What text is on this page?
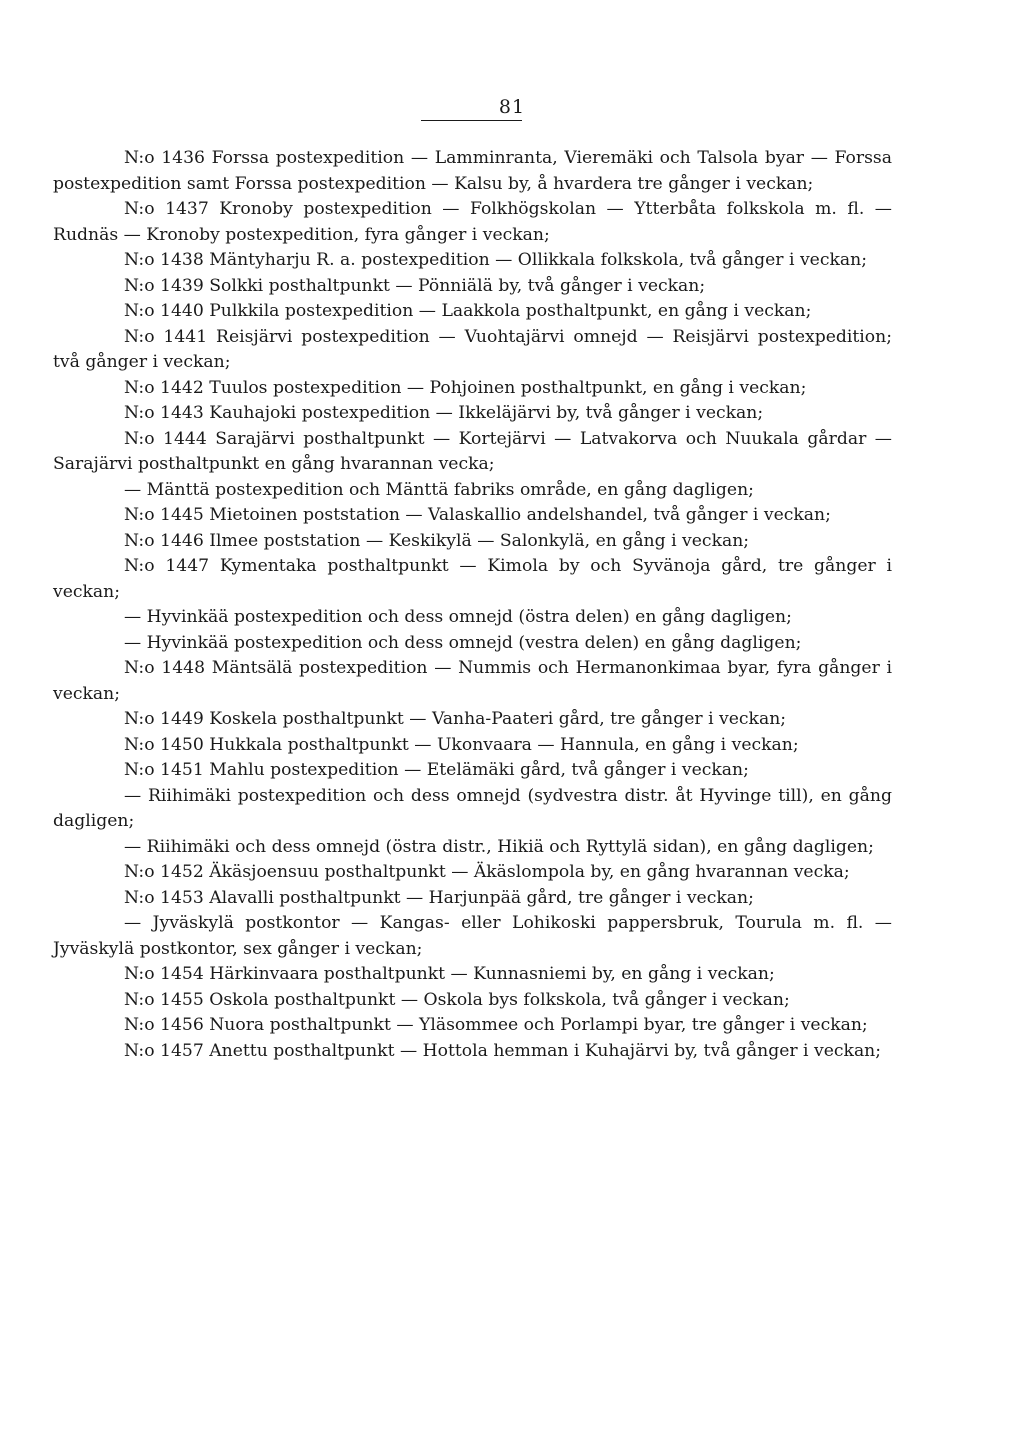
81

N:o 1436 Forssa postexpedition — Lamminranta, Vieremäki och Talsola byar — Forssa postexpedition samt Forssa postexpedition — Kalsu by, å hvardera tre gånger i veckan;

N:o 1437 Kronoby postexpedition — Folkhögskolan — Ytterbåta folkskola m. fl. — Rudnäs — Kronoby postexpedition, fyra gånger i veckan;

N:o 1438 Mäntyharju R. a. postexpedition — Ollikkala folkskola, två gånger i veckan;

N:o 1439 Solkki posthaltpunkt — Pönniälä by, två gånger i veckan;

N:o 1440 Pulkkila postexpedition — Laakkola posthaltpunkt, en gång i veckan;

N:o 1441 Reisjärvi postexpedition — Vuohtajärvi omnejd — Reisjärvi postexpedition; två gånger i veckan;

N:o 1442 Tuulos postexpedition — Pohjoinen posthaltpunkt, en gång i veckan;

N:o 1443 Kauhajoki postexpedition — Ikkeläjärvi by, två gånger i veckan;

N:o 1444 Sarajärvi posthaltpunkt — Kortejärvi — Latvakorva och Nuukala gårdar — Sarajärvi posthaltpunkt en gång hvarannan vecka;

— Mänttä postexpedition och Mänttä fabriks område, en gång dagligen;

N:o 1445 Mietoinen poststation — Valaskallio andelshandel, två gånger i veckan;

N:o 1446 Ilmee poststation — Keskikylä — Salonkylä, en gång i veckan;

N:o 1447 Kymentaka posthaltpunkt — Kimola by och Syvänoja gård, tre gånger i veckan;

— Hyvinkää postexpedition och dess omnejd (östra delen) en gång dagligen;

— Hyvinkää postexpedition och dess omnejd (vestra delen) en gång dagligen;

N:o 1448 Mäntsälä postexpedition — Nummis och Hermanonkimaa byar, fyra gånger i veckan;

N:o 1449 Koskela posthaltpunkt — Vanha-Paateri gård, tre gånger i veckan;

N:o 1450 Hukkala posthaltpunkt — Ukonvaara — Hannula, en gång i veckan;

N:o 1451 Mahlu postexpedition — Etelämäki gård, två gånger i veckan;

— Riihimäki postexpedition och dess omnejd (sydvestra distr. åt Hyvinge till), en gång dagligen;

— Riihimäki och dess omnejd (östra distr., Hikiä och Ryttylä sidan), en gång dagligen;

N:o 1452 Äkäsjoensuu posthaltpunkt — Äkäslompola by, en gång hvarannan vecka;

N:o 1453 Alavalli posthaltpunkt — Harjunpää gård, tre gånger i veckan;

— Jyväskylä postkontor — Kangas- eller Lohikoski pappersbruk, Tourula m. fl. — Jyväskylä postkontor, sex gånger i veckan;

N:o 1454 Härkinvaara posthaltpunkt — Kunnasniemi by, en gång i veckan;

N:o 1455 Oskola posthaltpunkt — Oskola bys folkskola, två gånger i veckan;

N:o 1456 Nuora posthaltpunkt — Yläsommee och Porlampi byar, tre gånger i veckan;

N:o 1457 Anettu posthaltpunkt — Hottola hemman i Kuhajärvi by, två gånger i veckan;
